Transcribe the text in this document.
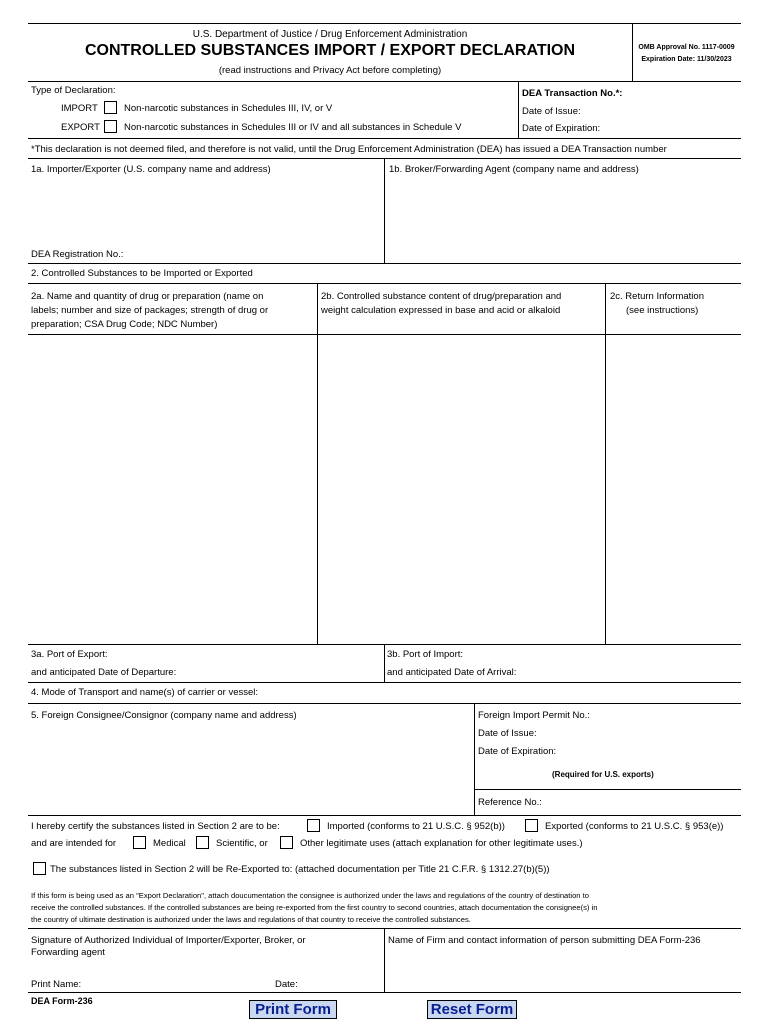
U.S. Department of Justice / Drug Enforcement Administration
CONTROLLED SUBSTANCES IMPORT / EXPORT DECLARATION
(read instructions and Privacy Act before completing)
OMB Approval No. 1117-0009
Expiration Date: 11/30/2023
Type of Declaration:
IMPORT	Non-narcotic substances in Schedules III, IV, or V
EXPORT	Non-narcotic substances in Schedules III or IV and all substances in Schedule V
DEA Transaction No.*:
Date of Issue:
Date of Expiration:
*This declaration is not deemed filed, and therefore is not valid, until the Drug Enforcement Administration (DEA) has issued a DEA Transaction number
1a. Importer/Exporter (U.S. company name and address)
DEA Registration No.:
1b. Broker/Forwarding Agent (company name and address)
2. Controlled Substances to be Imported or Exported
2a. Name and quantity of drug or preparation (name on
labels; number and size of packages; strength of drug or
preparation; CSA Drug Code; NDC Number)
2b. Controlled substance content of drug/preparation and
weight calculation expressed in base and acid or alkaloid
2c. Return Information
(see instructions)
3a. Port of Export:
and anticipated Date of Departure:
3b. Port of Import:
and anticipated Date of Arrival:
4. Mode of Transport and name(s) of carrier or vessel:
5. Foreign Consignee/Consignor (company name and address)	Foreign Import Permit No.:
Date of Issue:
Date of Expiration:
(Required for U.S. exports)
Reference No.:
I hereby certify the substances listed in Section 2 are to be:	Imported (conforms to 21 U.S.C. § 952(b))	Exported (conforms to 21 U.S.C. § 953(e))
and are intended for	Medical	Scientific, or	Other legitimate uses (attach explanation for other legitimate uses.)
The substances listed in Section 2 will be Re-Exported to: (attached documentation per Title 21 C.F.R. § 1312.27(b)(5))
If this form is being used as an "Export Declaration", attach doucumentation the consignee is authorized under the laws and regulations of the country of destination to
receive the controlled substances. If the controlled substances are being re-exported from the first country to second countries, attach documentation the consignee(s) in
the country of ultimate destination is authorized under the laws and regulations of that country to receive the controlled substances.
Signature of Authorized Individual of Importer/Exporter, Broker, or
Forwarding agent
Print Name:	Date:
Name of Firm and contact information of person submitting DEA Form-236
DEA Form-236	Print Form	Reset Form
